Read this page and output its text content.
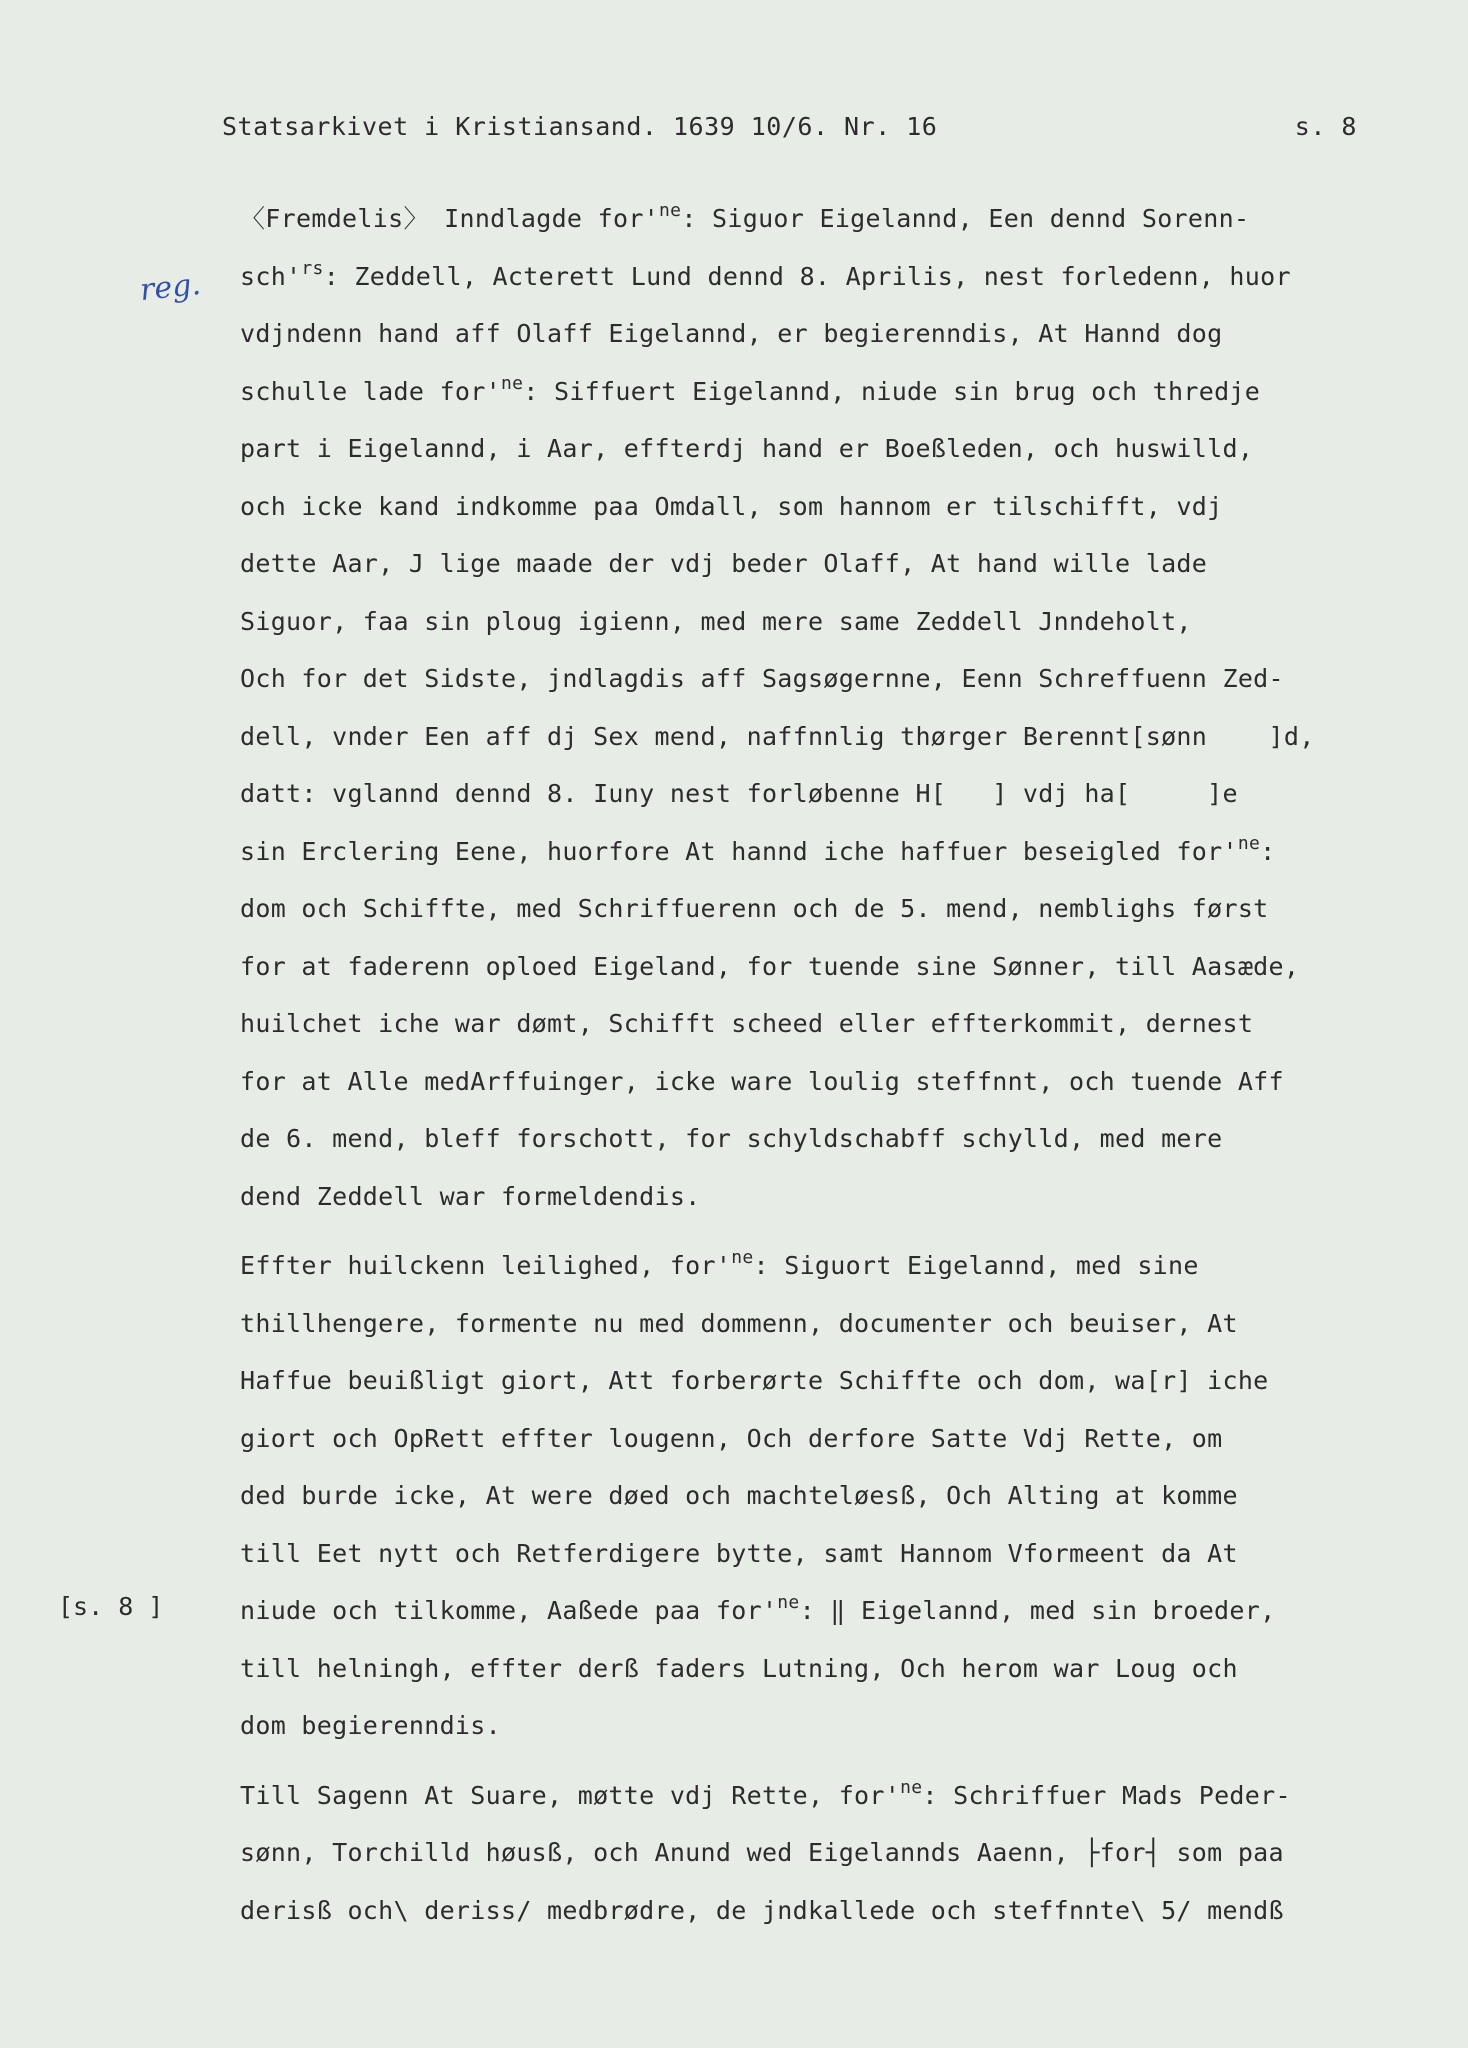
Statsarkivet i Kristiansand. 1639 10/6. Nr. 16	s. 8
reg.
[s. 8 ]
〈Fremdelis〉 Inndlagde $for'^{ne}$: Siguor Eigelannd, Een dennd Sorenn-
$sch'^{rs}$: Zeddell, Acterett Lund dennd 8. Aprilis, nest forledenn, huor
vdjndenn hand aff Olaff Eigelannd, er begierenndis, At Hannd dog
schulle lade $for'^{ne}$: Siffuert Eigelannd, niude sin brug och thredje
part i Eigelannd, i Aar, effterdj hand er Boeßleden, och huswilld,
och icke kand indkomme paa Omdall, som hannom er tilschifft, vdj
dette Aar, J lige maade der vdj beder Olaff, At hand wille lade
Siguor, faa sin ploug igienn, med mere same Zeddell Jnndeholt,
Och for det Sidste, jndlagdis aff Sagsøgernne, Eenn Schreffuenn Zed-
dell, vnder Een aff dj Sex mend, naffnnlig thørger Berennt[sønn    ]d,
datt: vglannd dennd 8. Iuny nest forløbenne H[   ] vdj ha[     ]e
sin Erclering Eene, huorfore At hannd iche haffuer beseigled $for'^{ne}$:
dom och Schiffte, med Schriffuerenn och de 5. mend, nemblighs først
for at faderenn oploed Eigeland, for tuende sine Sønner, till Aasæde,
huilchet iche war dømt, Schifft scheed eller effterkommit, dernest
for at Alle medArffuinger, icke ware loulig steffnnt, och tuende Aff
de 6. mend, bleff forschott, for schyldschabff schylld, med mere
dend Zeddell war formeldendis.
Effter huilckenn leilighed, $for'^{ne}$: Siguort Eigelannd, med sine
thillhengere, formente nu med dommenn, documenter och beuiser, At
Haffue beuißligt giort, Att forberørte Schiffte och dom, wa[r] iche
giort och OpRett effter lougenn, Och derfore Satte Vdj Rette, om
ded burde icke, At were døed och machteløesß, Och Alting at komme
till Eet nytt och Retferdigere bytte, samt Hannom Vformeent da At
niude och tilkomme, Aaßede paa $for'^{ne}$: ‖ Eigelannd, med sin broeder,
till helningh, effter derß faders Lutning, Och herom war Loug och
dom begierenndis.
Till Sagenn At Suare, møtte vdj Rette, $for'^{ne}$: Schriffuer Mads Peder-
sønn, Torchilld høusß, och Anund wed Eigelannds Aaenn, ├for┤ som paa
derisß och\ deriss/ medbrødre, de jndkallede och steffnnte\ 5/ mendß
